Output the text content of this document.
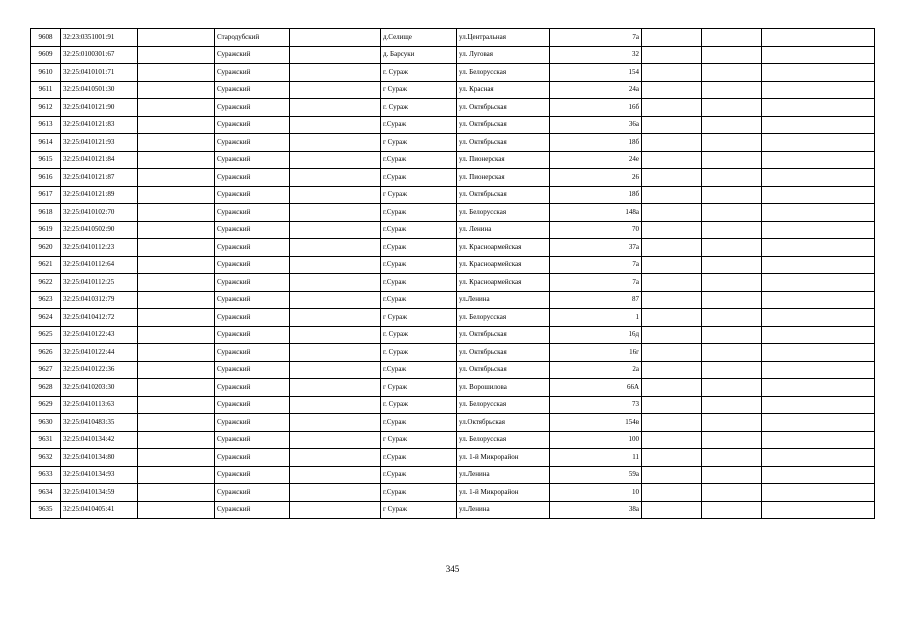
9608	32:23:0351001:91		Стародубский		д.Селище	ул.Центральная	7а			
9609	32:25:0100301:67		Суражский		д. Барсуки	ул. Луговая	32			
9610	32:25:0410101:71		Суражский		г. Сураж	ул. Белорусская	154			
9611	32:25:0410501:30		Суражский		г Сураж	ул. Красная	24а			
9612	32:25:0410121:90		Суражский		г. Сураж	ул. Октябрьская	16б			
9613	32:25:0410121:83		Суражский		г.Сураж	ул. Октябрьская	36а			
9614	32:25:0410121:93		Суражский		г Сураж	ул. Октябрьская	18б			
9615	32:25:0410121:84		Суражский		г.Сураж	ул. Пионерская	24е			
9616	32:25:0410121:87		Суражский		г.Сураж	ул. Пионерская	26			
9617	32:25:0410121:89		Суражский		г Сураж	ул. Октябрьская	18б			
9618	32:25:0410102:70		Суражский		г.Сураж	ул. Белорусская	148а			
9619	32:25:0410502:90		Суражский		г.Сураж	ул. Ленина	70			
9620	32:25:0410112:23		Суражский		г.Сураж	ул. Красноармейская	37а			
9621	32:25:0410112:64		Суражский		г.Сураж	ул. Красноармейская	7а			
9622	32:25:0410112:25		Суражский		г.Сураж	ул. Красноармейская	7а			
9623	32:25:0410312:79		Суражский		г.Сураж	ул.Ленина	87			
9624	32:25:0410412:72		Суражский		г Сураж	ул. Белорусская	1			
9625	32:25:0410122:43		Суражский		г. Сураж	ул. Октябрьская	16д			
9626	32:25:0410122:44		Суражский		г. Сураж	ул. Октябрьская	16г			
9627	32:25:0410122:36		Суражский		г.Сураж	ул. Октябрьская	2а			
9628	32:25:0410203:30		Суражский		г Сураж	ул. Ворошилова	66А			
9629	32:25:0410113:63		Суражский		г. Сураж	ул. Белорусская	73			
9630	32:25:0410483:35		Суражский		г.Сураж	ул.Октябрьская	154в			
9631	32:25:0410134:42		Суражский		г Сураж	ул. Белорусская	100			
9632	32:25:0410134:80		Суражский		г.Сураж	ул. 1-й Микрорайон	11			
9633	32:25:0410134:93		Суражский		г.Сураж	ул.Ленина	59а			
9634	32:25:0410134:59		Суражский		г.Сураж	ул. 1-й Микрорайон	10			
9635	32:25:0410405:41		Суражский		г Сураж	ул.Ленина	38а			
345
